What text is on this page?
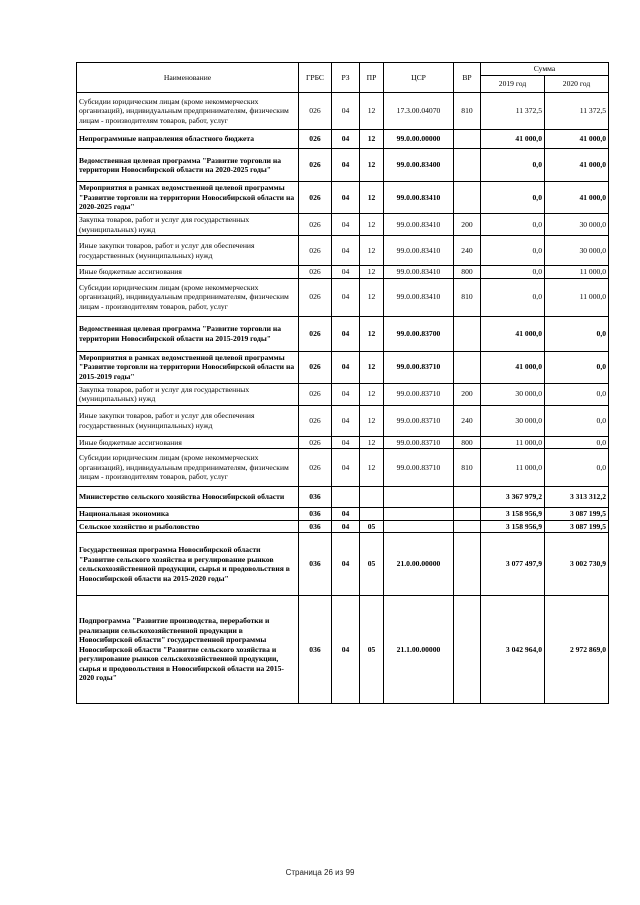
Наименование	ГРБС	РЗ	ПР	ЦСР	ВР	Сумма	
						2019 год	2020 год
Субсидии юридическим лицам (кроме некоммерческих организаций), индивидуальным предпринимателям, физическим лицам - производителям товаров, работ, услуг	026	04	12	17.3.00.04070	810	11 372,5	11 372,5
Непрограммные направления областного бюджета	026	04	12	99.0.00.00000		41 000,0	41 000,0
Ведомственная целевая программа "Развитие торговли на территории Новосибирской области на 2020-2025 годы"	026	04	12	99.0.00.83400		0,0	41 000,0
Мероприятия в рамках ведомственной целевой программы "Развитие торговли на территории Новосибирской области на 2020-2025 годы"	026	04	12	99.0.00.83410		0,0	41 000,0
Закупка товаров, работ и услуг для государственных (муниципальных) нужд	026	04	12	99.0.00.83410	200	0,0	30 000,0
Иные закупки товаров, работ и услуг для обеспечения государственных (муниципальных) нужд	026	04	12	99.0.00.83410	240	0,0	30 000,0
Иные бюджетные ассигнования	026	04	12	99.0.00.83410	800	0,0	11 000,0
Субсидии юридическим лицам (кроме некоммерческих организаций), индивидуальным предпринимателям, физическим лицам - производителям товаров, работ, услуг	026	04	12	99.0.00.83410	810	0,0	11 000,0
Ведомственная целевая программа "Развитие торговли на территории Новосибирской области на 2015-2019 годы"	026	04	12	99.0.00.83700		41 000,0	0,0
Мероприятия в рамках ведомственной целевой программы "Развитие торговли на территории Новосибирской области на 2015-2019 годы"	026	04	12	99.0.00.83710		41 000,0	0,0
Закупка товаров, работ и услуг для государственных (муниципальных) нужд	026	04	12	99.0.00.83710	200	30 000,0	0,0
Иные закупки товаров, работ и услуг для обеспечения государственных (муниципальных) нужд	026	04	12	99.0.00.83710	240	30 000,0	0,0
Иные бюджетные ассигнования	026	04	12	99.0.00.83710	800	11 000,0	0,0
Субсидии юридическим лицам (кроме некоммерческих организаций), индивидуальным предпринимателям, физическим лицам - производителям товаров, работ, услуг	026	04	12	99.0.00.83710	810	11 000,0	0,0
Министерство сельского хозяйства Новосибирской области	036					3 367 979,2	3 313 312,2
Национальная экономика	036	04				3 158 956,9	3 087 199,5
Сельское хозяйство и рыболовство	036	04	05			3 158 956,9	3 087 199,5
Государственная программа Новосибирской области "Развитие сельского хозяйства и регулирование рынков сельскохозяйственной продукции, сырья и продовольствия в Новосибирской области на 2015-2020 годы"	036	04	05	21.0.00.00000		3 077 497,9	3 002 730,9
Подпрограмма "Развитие производства, переработки и реализации сельскохозяйственной продукции в Новосибирской области" государственной программы Новосибирской области "Развитие сельского хозяйства и регулирование рынков сельскохозяйственной продукции, сырья и продовольствия в Новосибирской области на 2015-2020 годы"	036	04	05	21.1.00.00000		3 042 964,0	2 972 869,0
Страница 26 из 99
